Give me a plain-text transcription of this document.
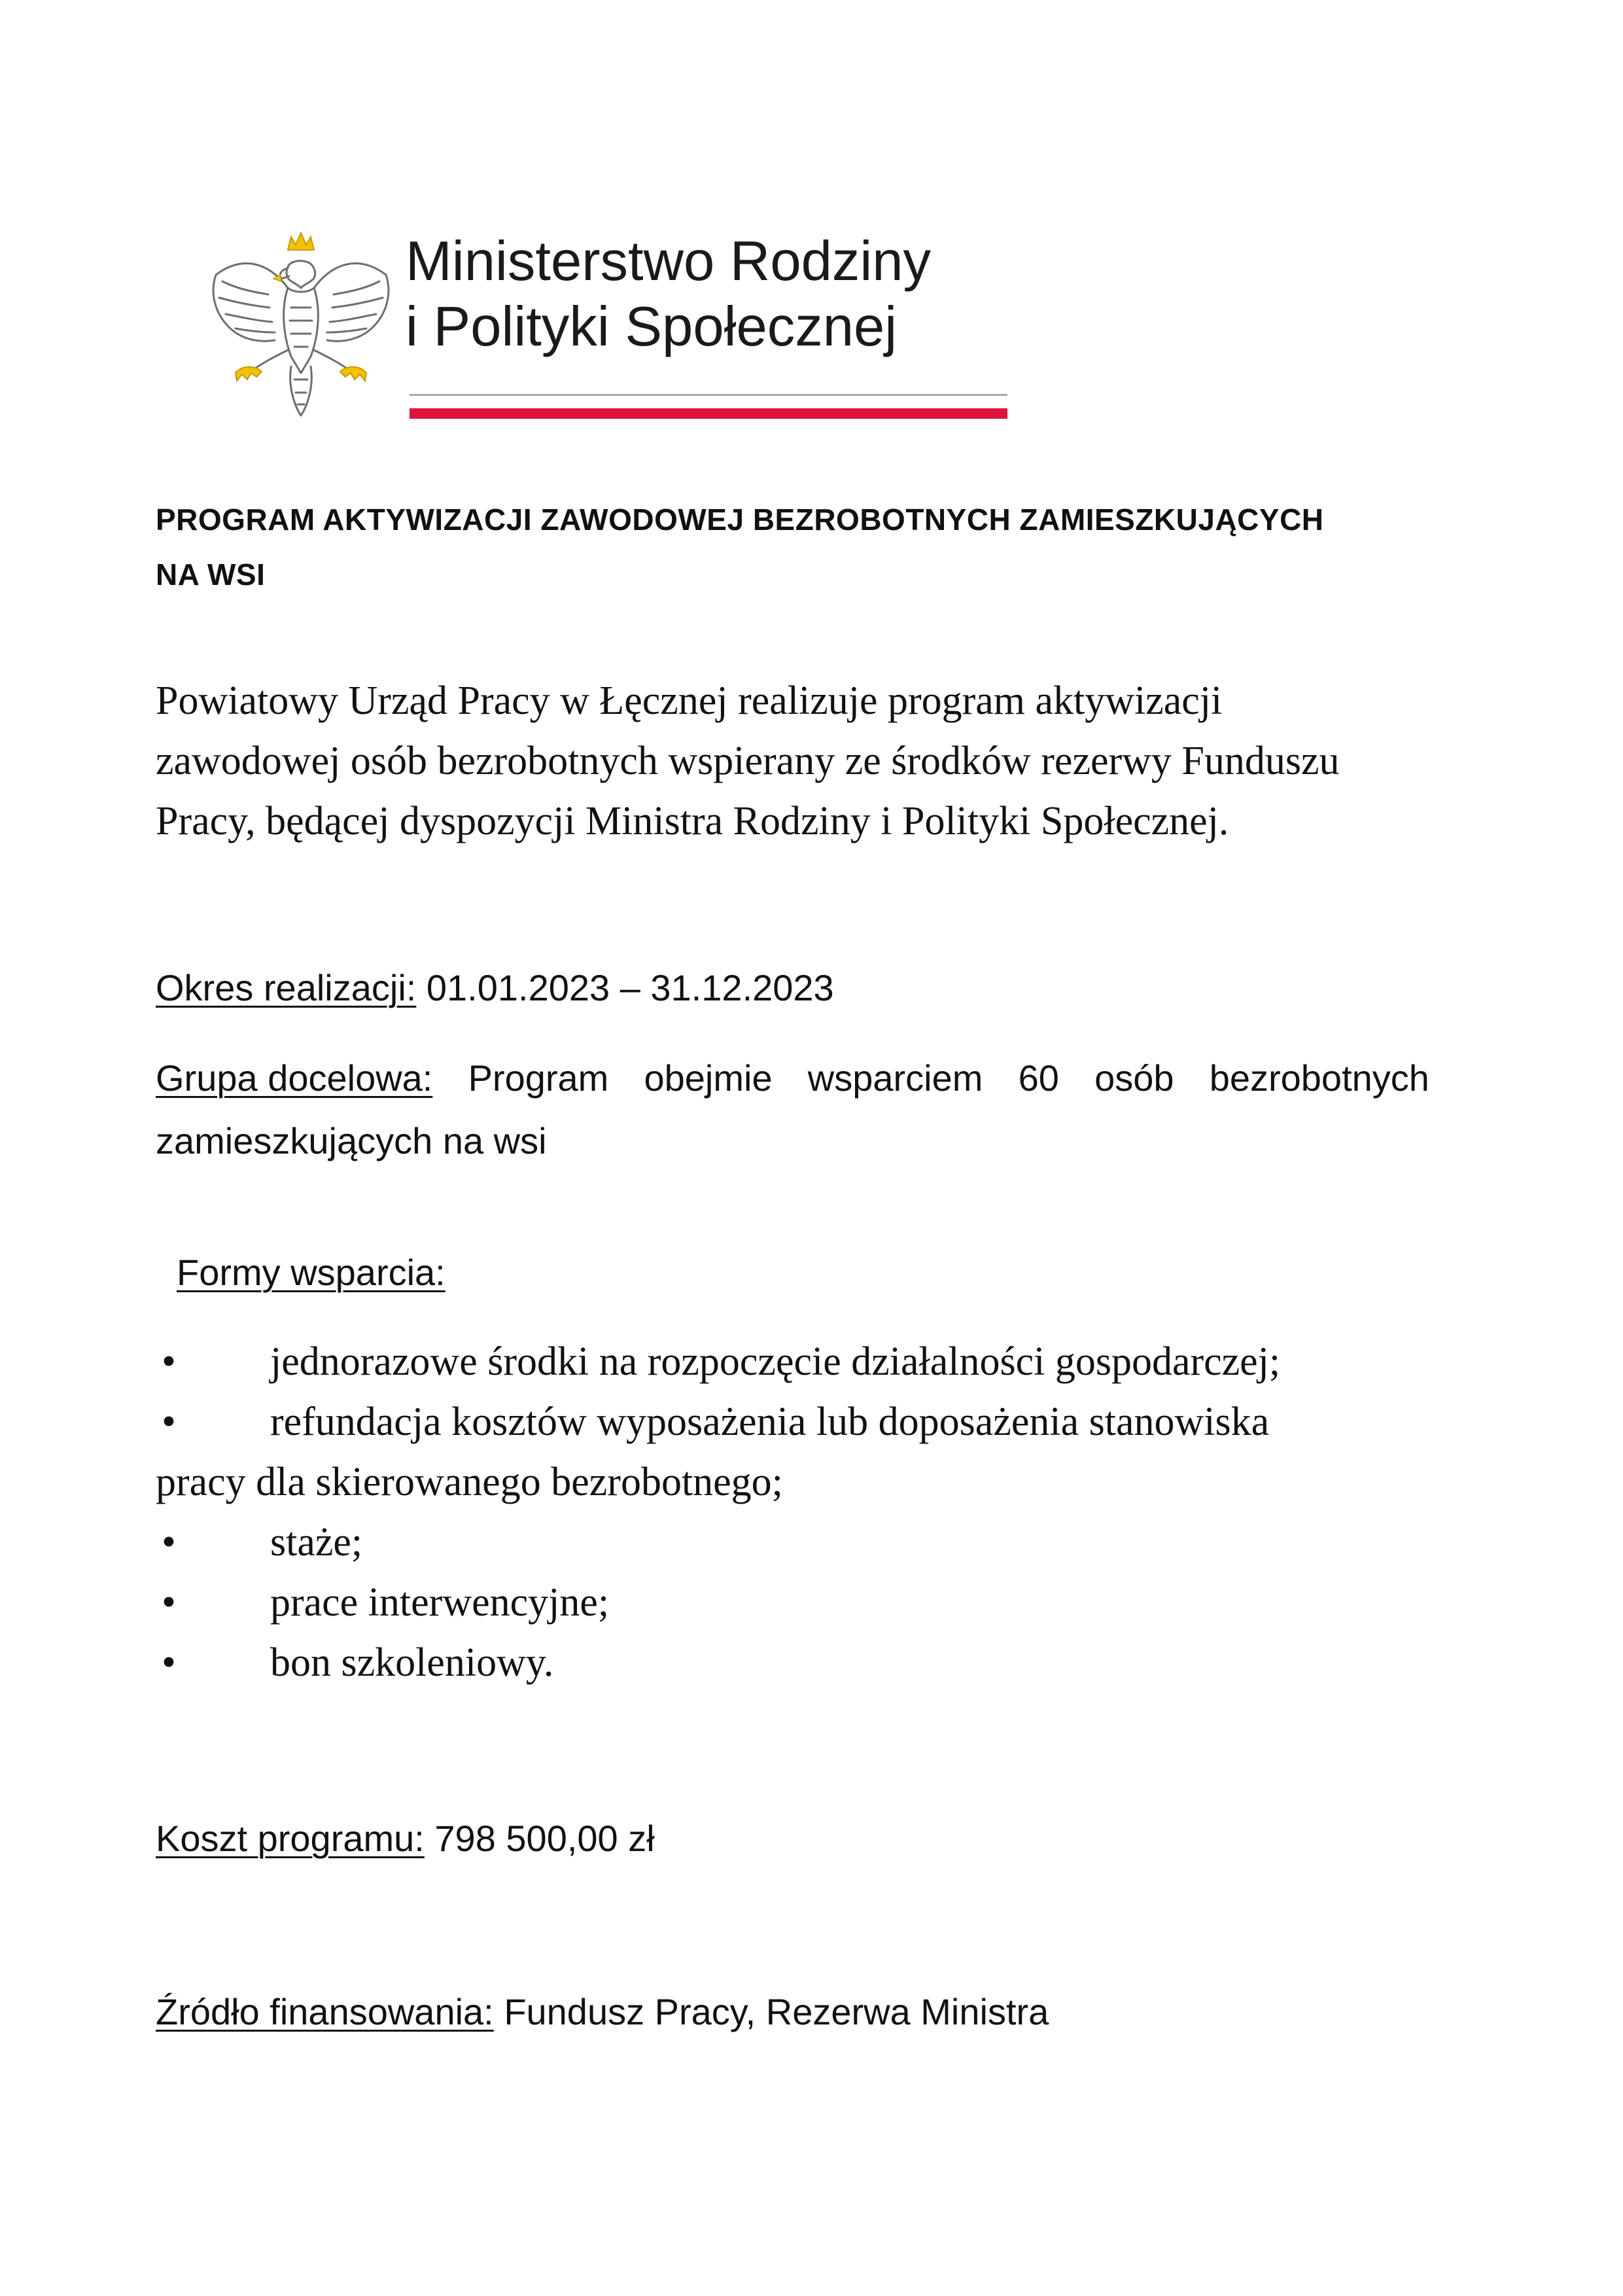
Ministerstwo Rodziny
i Polityki Społecznej
PROGRAM AKTYWIZACJI ZAWODOWEJ BEZROBOTNYCH ZAMIESZKUJĄCYCH
NA WSI
Powiatowy Urząd Pracy w Łęcznej realizuje program aktywizacji
zawodowej osób bezrobotnych wspierany ze środków rezerwy Funduszu
Pracy, będącej dyspozycji Ministra Rodziny i Polityki Społecznej.
Okres realizacji: 01.01.2023 – 31.12.2023
Grupa docelowa: Program obejmie wsparciem 60 osób bezrobotnych
zamieszkujących na wsi
Formy wsparcia:
•	jednorazowe środki na rozpoczęcie działalności gospodarczej;
•	refundacja kosztów wyposażenia lub doposażenia stanowiska
pracy dla skierowanego bezrobotnego;
•	staże;
•	prace interwencyjne;
•	bon szkoleniowy.
Koszt programu: 798 500,00 zł
Źródło finansowania: Fundusz Pracy, Rezerwa Ministra
